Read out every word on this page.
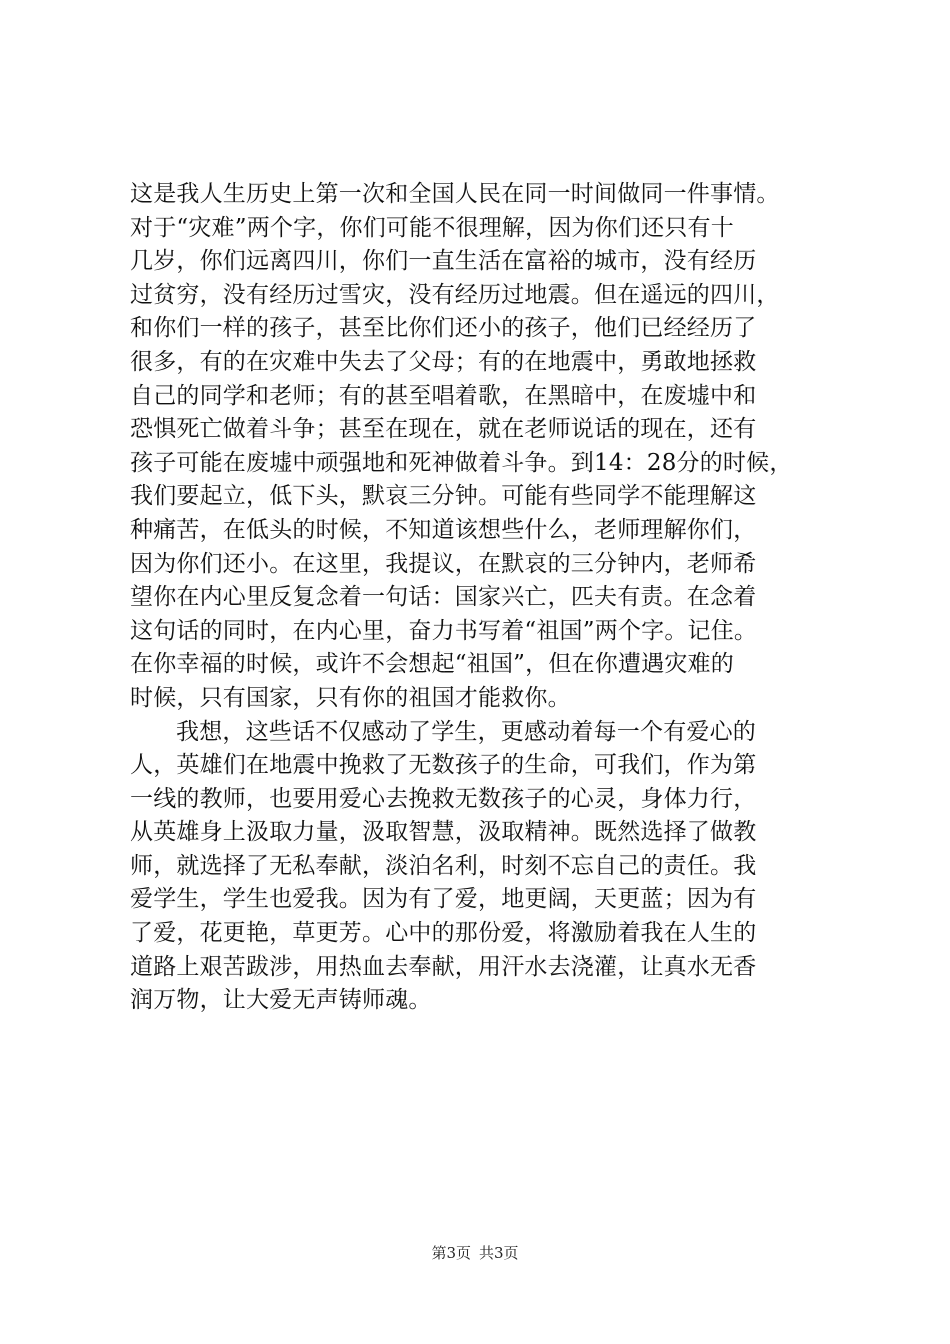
这是我人生历史上第一次和全国人民在同一时间做同一件事情。
对于“灾难”两个字，你们可能不很理解，因为你们还只有十
几岁，你们远离四川，你们一直生活在富裕的城市，没有经历
过贫穷，没有经历过雪灾，没有经历过地震。但在遥远的四川，
和你们一样的孩子，甚至比你们还小的孩子，他们已经经历了
很多，有的在灾难中失去了父母；有的在地震中，勇敢地拯救
自己的同学和老师；有的甚至唱着歌，在黑暗中，在废墟中和
恐惧死亡做着斗争；甚至在现在，就在老师说话的现在，还有
孩子可能在废墟中顽强地和死神做着斗争。到14：28分的时候，
我们要起立，低下头，默哀三分钟。可能有些同学不能理解这
种痛苦，在低头的时候，不知道该想些什么，老师理解你们，
因为你们还小。在这里，我提议，在默哀的三分钟内，老师希
望你在内心里反复念着一句话：国家兴亡，匹夫有责。在念着
这句话的同时，在内心里，奋力书写着“祖国”两个字。记住。
在你幸福的时候，或许不会想起“祖国”，但在你遭遇灾难的
时候，只有国家，只有你的祖国才能救你。
我想，这些话不仅感动了学生，更感动着每一个有爱心的
人，英雄们在地震中挽救了无数孩子的生命，可我们，作为第
一线的教师，也要用爱心去挽救无数孩子的心灵，身体力行，
从英雄身上汲取力量，汲取智慧，汲取精神。既然选择了做教
师，就选择了无私奉献，淡泊名利，时刻不忘自己的责任。我
爱学生，学生也爱我。因为有了爱，地更阔，天更蓝；因为有
了爱，花更艳，草更芳。心中的那份爱，将激励着我在人生的
道路上艰苦跋涉，用热血去奉献，用汗水去浇灌，让真水无香
润万物，让大爱无声铸师魂。
第3页 共3页
